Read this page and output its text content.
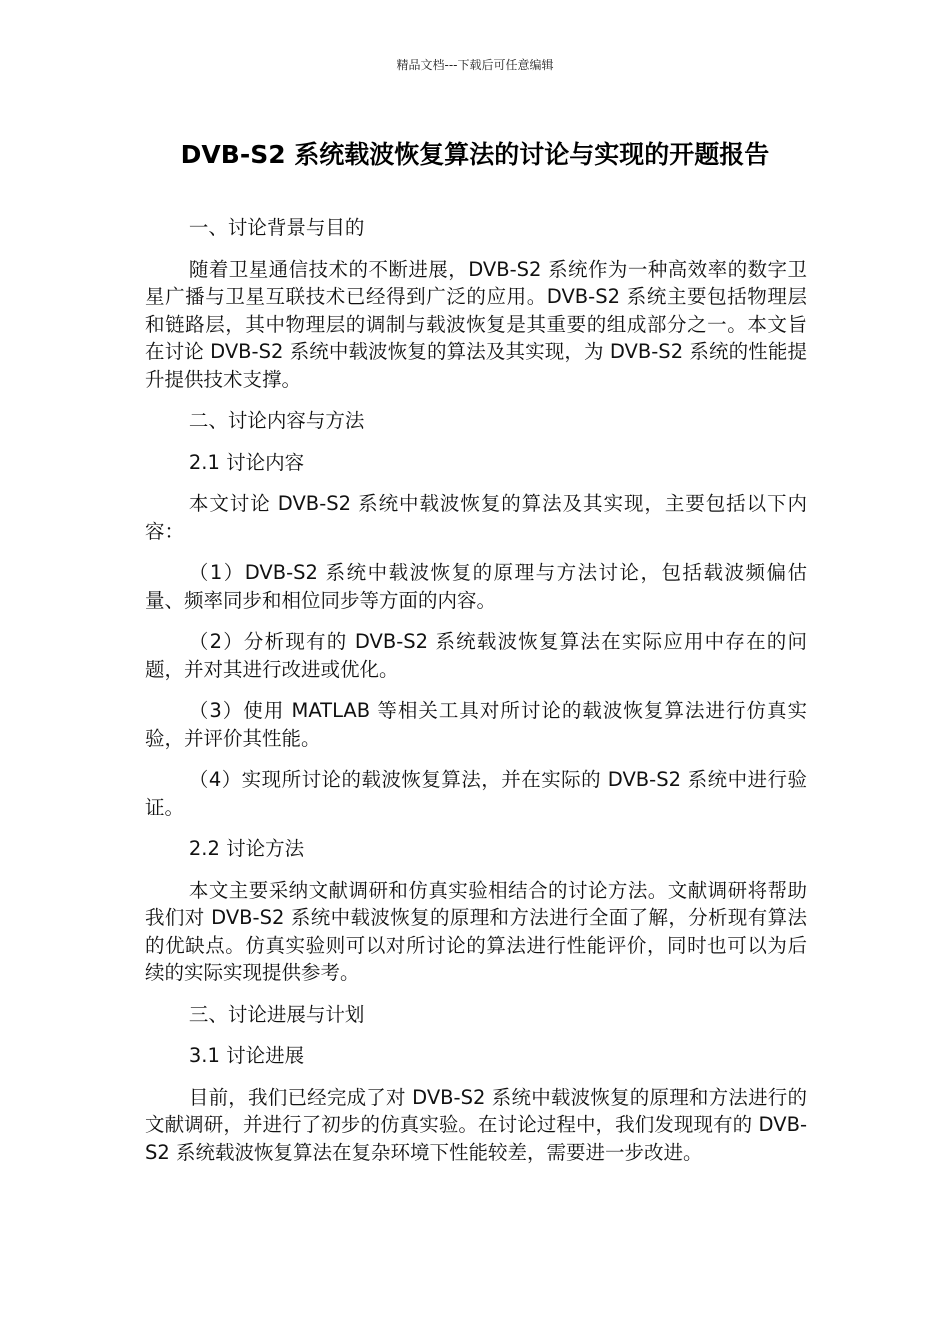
精品文档---下载后可任意编辑
DVB-S2 系统载波恢复算法的讨论与实现的开题报告

一、讨论背景与目的

随着卫星通信技术的不断进展，DVB-S2 系统作为一种高效率的数字卫星广播与卫星互联技术已经得到广泛的应用。DVB-S2 系统主要包括物理层和链路层，其中物理层的调制与载波恢复是其重要的组成部分之一。本文旨在讨论 DVB-S2 系统中载波恢复的算法及其实现，为 DVB-S2 系统的性能提升提供技术支撑。

二、讨论内容与方法

2.1 讨论内容

本文讨论 DVB-S2 系统中载波恢复的算法及其实现，主要包括以下内容：

（1）DVB-S2 系统中载波恢复的原理与方法讨论，包括载波频偏估量、频率同步和相位同步等方面的内容。

（2）分析现有的 DVB-S2 系统载波恢复算法在实际应用中存在的问题，并对其进行改进或优化。

（3）使用 MATLAB 等相关工具对所讨论的载波恢复算法进行仿真实验，并评价其性能。

（4）实现所讨论的载波恢复算法，并在实际的 DVB-S2 系统中进行验证。

2.2 讨论方法

本文主要采纳文献调研和仿真实验相结合的讨论方法。文献调研将帮助我们对 DVB-S2 系统中载波恢复的原理和方法进行全面了解，分析现有算法的优缺点。仿真实验则可以对所讨论的算法进行性能评价，同时也可以为后续的实际实现提供参考。

三、讨论进展与计划

3.1 讨论进展

目前，我们已经完成了对 DVB-S2 系统中载波恢复的原理和方法进行的文献调研，并进行了初步的仿真实验。在讨论过程中，我们发现现有的 DVB-S2 系统载波恢复算法在复杂环境下性能较差，需要进一步改进。
